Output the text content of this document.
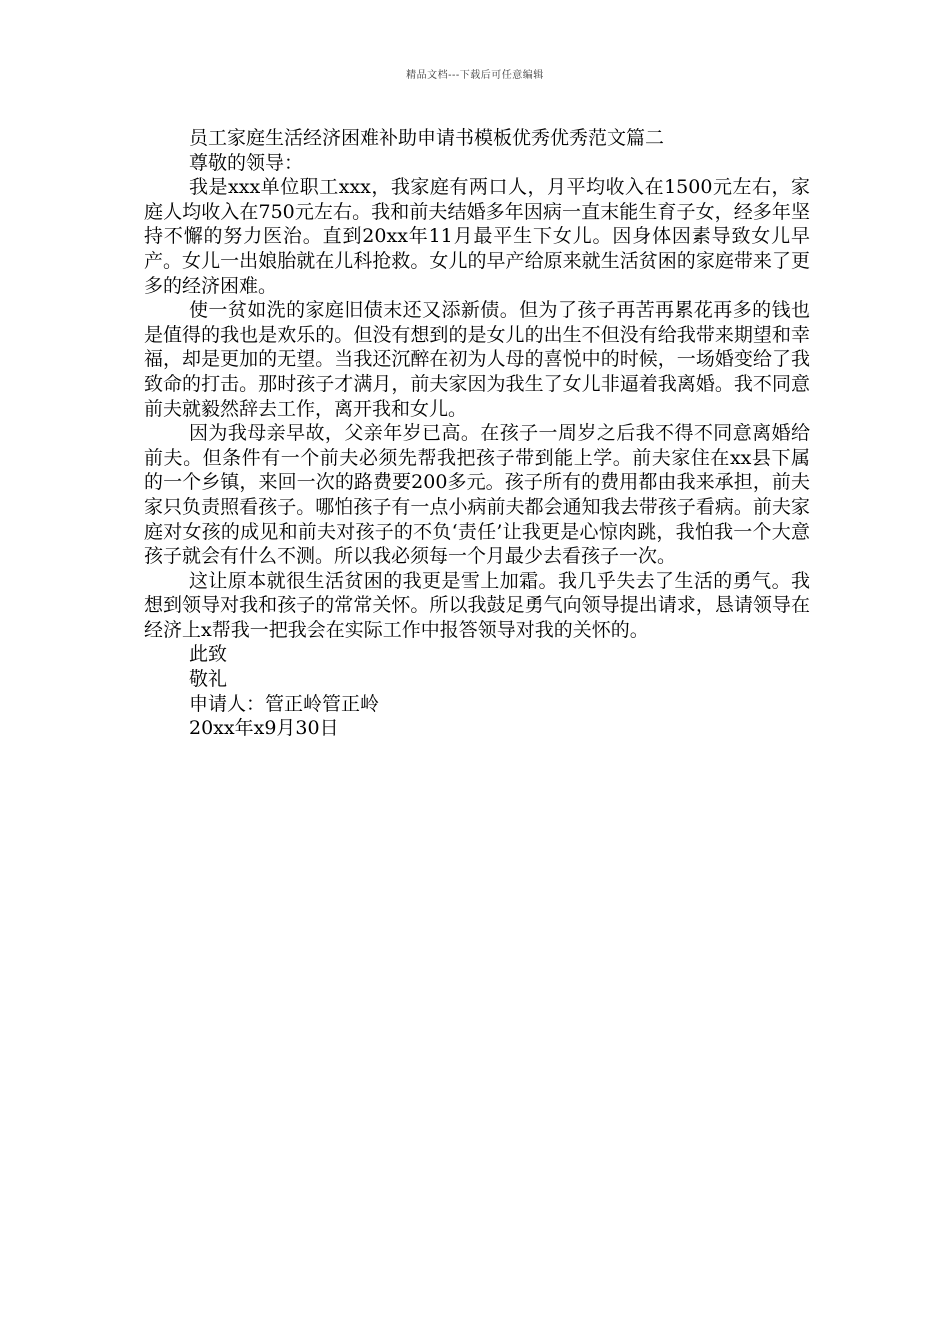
精品文档---下载后可任意编辑

员工家庭生活经济困难补助申请书模板优秀优秀范文篇二

尊敬的领导：

我是xxx单位职工xxx，我家庭有两口人，月平均收入在1500元左右，家庭人均收入在750元左右。我和前夫结婚多年因病一直末能生育子女，经多年坚持不懈的努力医治。直到20xx年11月最平生下女儿。因身体因素导致女儿早产。女儿一出娘胎就在儿科抢救。女儿的早产给原来就生活贫困的家庭带来了更多的经济困难。

使一贫如洗的家庭旧债末还又添新债。但为了孩子再苦再累花再多的钱也是值得的我也是欢乐的。但没有想到的是女儿的出生不但没有给我带来期望和幸福，却是更加的无望。当我还沉醉在初为人母的喜悦中的时候，一场婚变给了我致命的打击。那时孩子才满月，前夫家因为我生了女儿非逼着我离婚。我不同意前夫就毅然辞去工作，离开我和女儿。

因为我母亲早故，父亲年岁已高。在孩子一周岁之后我不得不同意离婚给前夫。但条件有一个前夫必须先帮我把孩子带到能上学。前夫家住在xx县下属的一个乡镇，来回一次的路费要200多元。孩子所有的费用都由我来承担，前夫家只负责照看孩子。哪怕孩子有一点小病前夫都会通知我去带孩子看病。前夫家庭对女孩的成见和前夫对孩子的不负‘责任’让我更是心惊肉跳，我怕我一个大意孩子就会有什么不测。所以我必须每一个月最少去看孩子一次。

这让原本就很生活贫困的我更是雪上加霜。我几乎失去了生活的勇气。我想到领导对我和孩子的常常关怀。所以我鼓足勇气向领导提出请求，恳请领导在经济上x帮我一把我会在实际工作中报答领导对我的关怀的。

此致

敬礼

申请人：管正岭管正岭

20xx年x9月30日
